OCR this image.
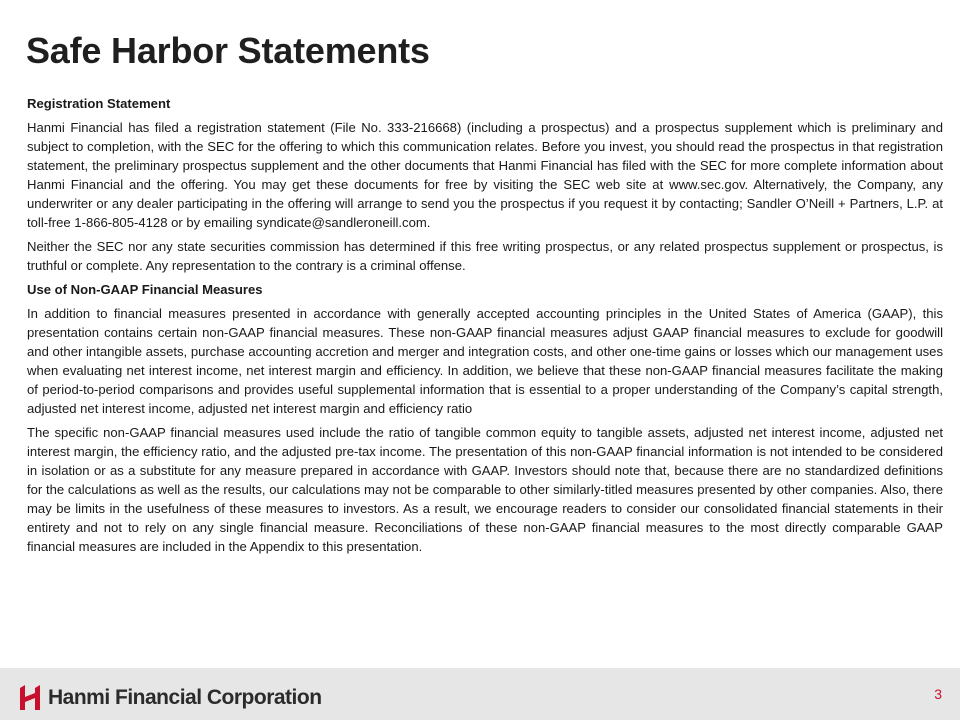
Safe Harbor Statements

Registration Statement

Hanmi Financial has filed a registration statement (File No. 333-216668) (including a prospectus) and a prospectus supplement which is preliminary and subject to completion, with the SEC for the offering to which this communication relates. Before you invest, you should read the prospectus in that registration statement, the preliminary prospectus supplement and the other documents that Hanmi Financial has filed with the SEC for more complete information about Hanmi Financial and the offering. You may get these documents for free by visiting the SEC web site at www.sec.gov. Alternatively, the Company, any underwriter or any dealer participating in the offering will arrange to send you the prospectus if you request it by contacting; Sandler O’Neill + Partners, L.P. at toll-free 1-866-805-4128 or by emailing syndicate@sandleroneill.com.

Neither the SEC nor any state securities commission has determined if this free writing prospectus, or any related prospectus supplement or prospectus, is truthful or complete. Any representation to the contrary is a criminal offense.

Use of Non-GAAP Financial Measures

In addition to financial measures presented in accordance with generally accepted accounting principles in the United States of America (GAAP), this presentation contains certain non-GAAP financial measures. These non-GAAP financial measures adjust GAAP financial measures to exclude for goodwill and other intangible assets, purchase accounting accretion and merger and integration costs, and other one-time gains or losses which our management uses when evaluating net interest income, net interest margin and efficiency. In addition, we believe that these non-GAAP financial measures facilitate the making of period-to-period comparisons and provides useful supplemental information that is essential to a proper understanding of the Company’s capital strength, adjusted net interest income, adjusted net interest margin and efficiency ratio

The specific non-GAAP financial measures used include the ratio of tangible common equity to tangible assets, adjusted net interest income, adjusted net interest margin, the efficiency ratio, and the adjusted pre-tax income. The presentation of this non-GAAP financial information is not intended to be considered in isolation or as a substitute for any measure prepared in accordance with GAAP. Investors should note that, because there are no standardized definitions for the calculations as well as the results, our calculations may not be comparable to other similarly-titled measures presented by other companies. Also, there may be limits in the usefulness of these measures to investors. As a result, we encourage readers to consider our consolidated financial statements in their entirety and not to rely on any single financial measure. Reconciliations of these non-GAAP financial measures to the most directly comparable GAAP financial measures are included in the Appendix to this presentation.

Hanmi Financial Corporation	3
